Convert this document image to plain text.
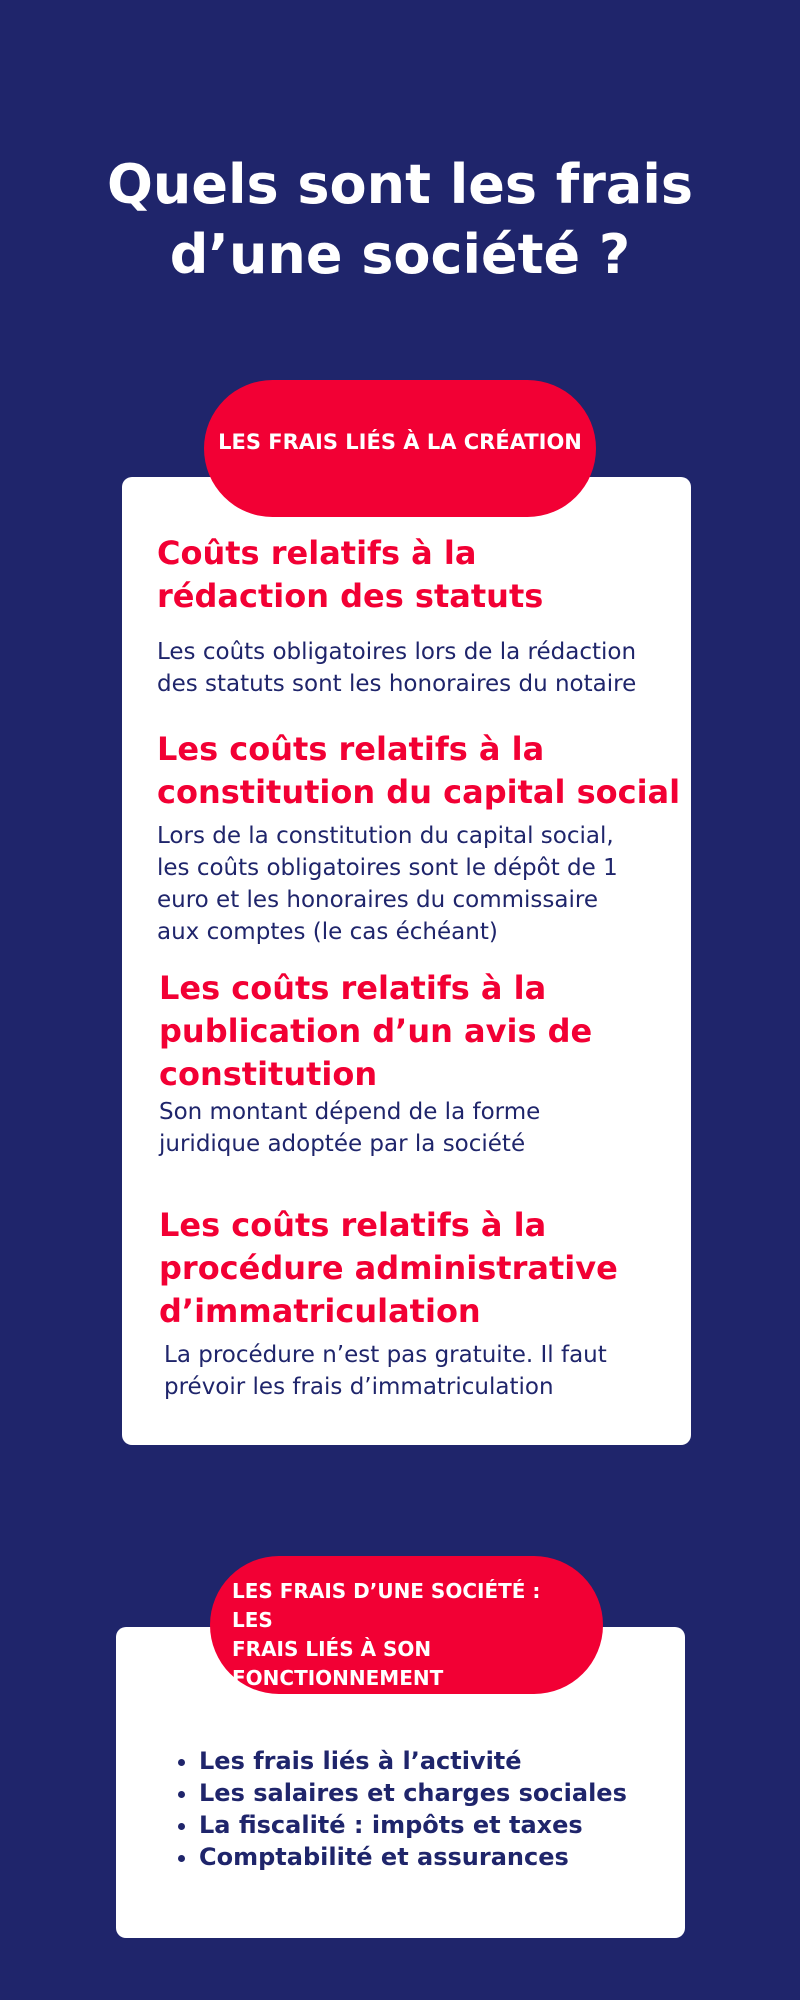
Quels sont les frais
d’une société ?
LES FRAIS LIÉS À LA CRÉATION
Coûts relatifs à la
rédaction des statuts
Les coûts obligatoires lors de la rédaction
des statuts sont les honoraires du notaire
Les coûts relatifs à la
constitution du capital social
Lors de la constitution du capital social,
les coûts obligatoires sont le dépôt de 1
euro et les honoraires du commissaire
aux comptes (le cas échéant)
Les coûts relatifs à la
publication d’un avis de
constitution
Son montant dépend de la forme
juridique adoptée par la société
Les coûts relatifs à la
procédure administrative
d’immatriculation
La procédure n’est pas gratuite. Il faut
prévoir les frais d’immatriculation
LES FRAIS D’UNE SOCIÉTÉ : LES
FRAIS LIÉS À SON
FONCTIONNEMENT
• Les frais liés à l’activité
• Les salaires et charges sociales
• La fiscalité : impôts et taxes
• Comptabilité et assurances
